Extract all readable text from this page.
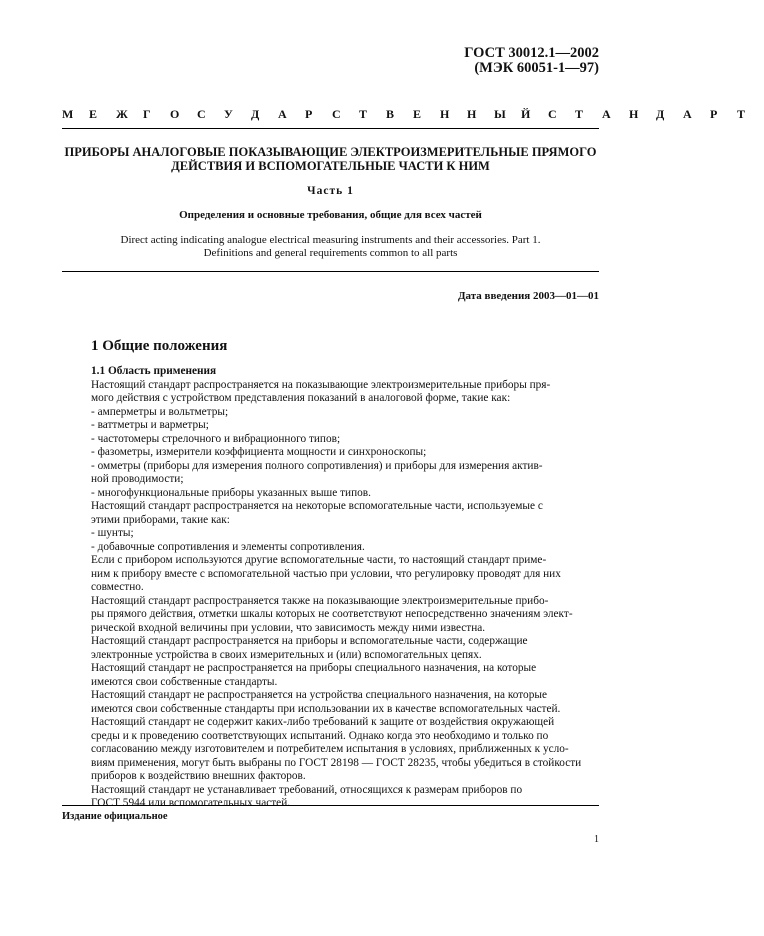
ГОСТ 30012.1—2002
(МЭК 60051-1—97)
М	Е	Ж	Г	О	С	У	Д	А	Р	С	Т	В	Е	Н	Н	Ы	Й	С	Т	А	Н	Д	А	Р	Т
ПРИБОРЫ АНАЛОГОВЫЕ ПОКАЗЫВАЮЩИЕ ЭЛЕКТРОИЗМЕРИТЕЛЬНЫЕ ПРЯМОГО
ДЕЙСТВИЯ И ВСПОМОГАТЕЛЬНЫЕ ЧАСТИ К НИМ
Часть 1
Определения и основные требования, общие для всех частей
Direct acting indicating analogue electrical measuring instruments and their accessories. Part 1.
Definitions and general requirements common to all parts
Дата введения 2003—01—01
1 Общие положения

1.1 Область применения

Настоящий стандарт распространяется на показывающие электроизмерительные приборы пря-

мого действия с устройством представления показаний в аналоговой форме, такие как:

- амперметры и вольтметры;

- ваттметры и варметры;

- частотомеры стрелочного и вибрационного типов;

- фазометры, измерители коэффициента мощности и синхроноскопы;

- омметры (приборы для измерения полного сопротивления) и приборы для измерения актив-

ной проводимости;

- многофункциональные приборы указанных выше типов.

Настоящий стандарт распространяется на некоторые вспомогательные части, используемые с

этими приборами, такие как:

- шунты;

- добавочные сопротивления и элементы сопротивления.

Если с прибором используются другие вспомогательные части, то настоящий стандарт приме-

ним к прибору вместе с вспомогательной частью при условии, что регулировку проводят для них

совместно.

Настоящий стандарт распространяется также на показывающие электроизмерительные прибо-

ры прямого действия, отметки шкалы которых не соответствуют непосредственно значениям элект-

рической входной величины при условии, что зависимость между ними известна.

Настоящий стандарт распространяется на приборы и вспомогательные части, содержащие

электронные устройства в своих измерительных и (или) вспомогательных цепях.

Настоящий стандарт не распространяется на приборы специального назначения, на которые

имеются свои собственные стандарты.

Настоящий стандарт не распространяется на устройства специального назначения, на которые

имеются свои собственные стандарты при использовании их в качестве вспомогательных частей.

Настоящий стандарт не содержит каких-либо требований к защите от воздействия окружающей

среды и к проведению соответствующих испытаний. Однако когда это необходимо и только по

согласованию между изготовителем и потребителем испытания в условиях, приближенных к усло-

виям применения, могут быть выбраны по ГОСТ 28198 — ГОСТ 28235, чтобы убедиться в стойкости

приборов к воздействию внешних факторов.

Настоящий стандарт не устанавливает требований, относящихся к размерам приборов по

ГОСТ 5944 или вспомогательных частей.

Издание официальное
1
